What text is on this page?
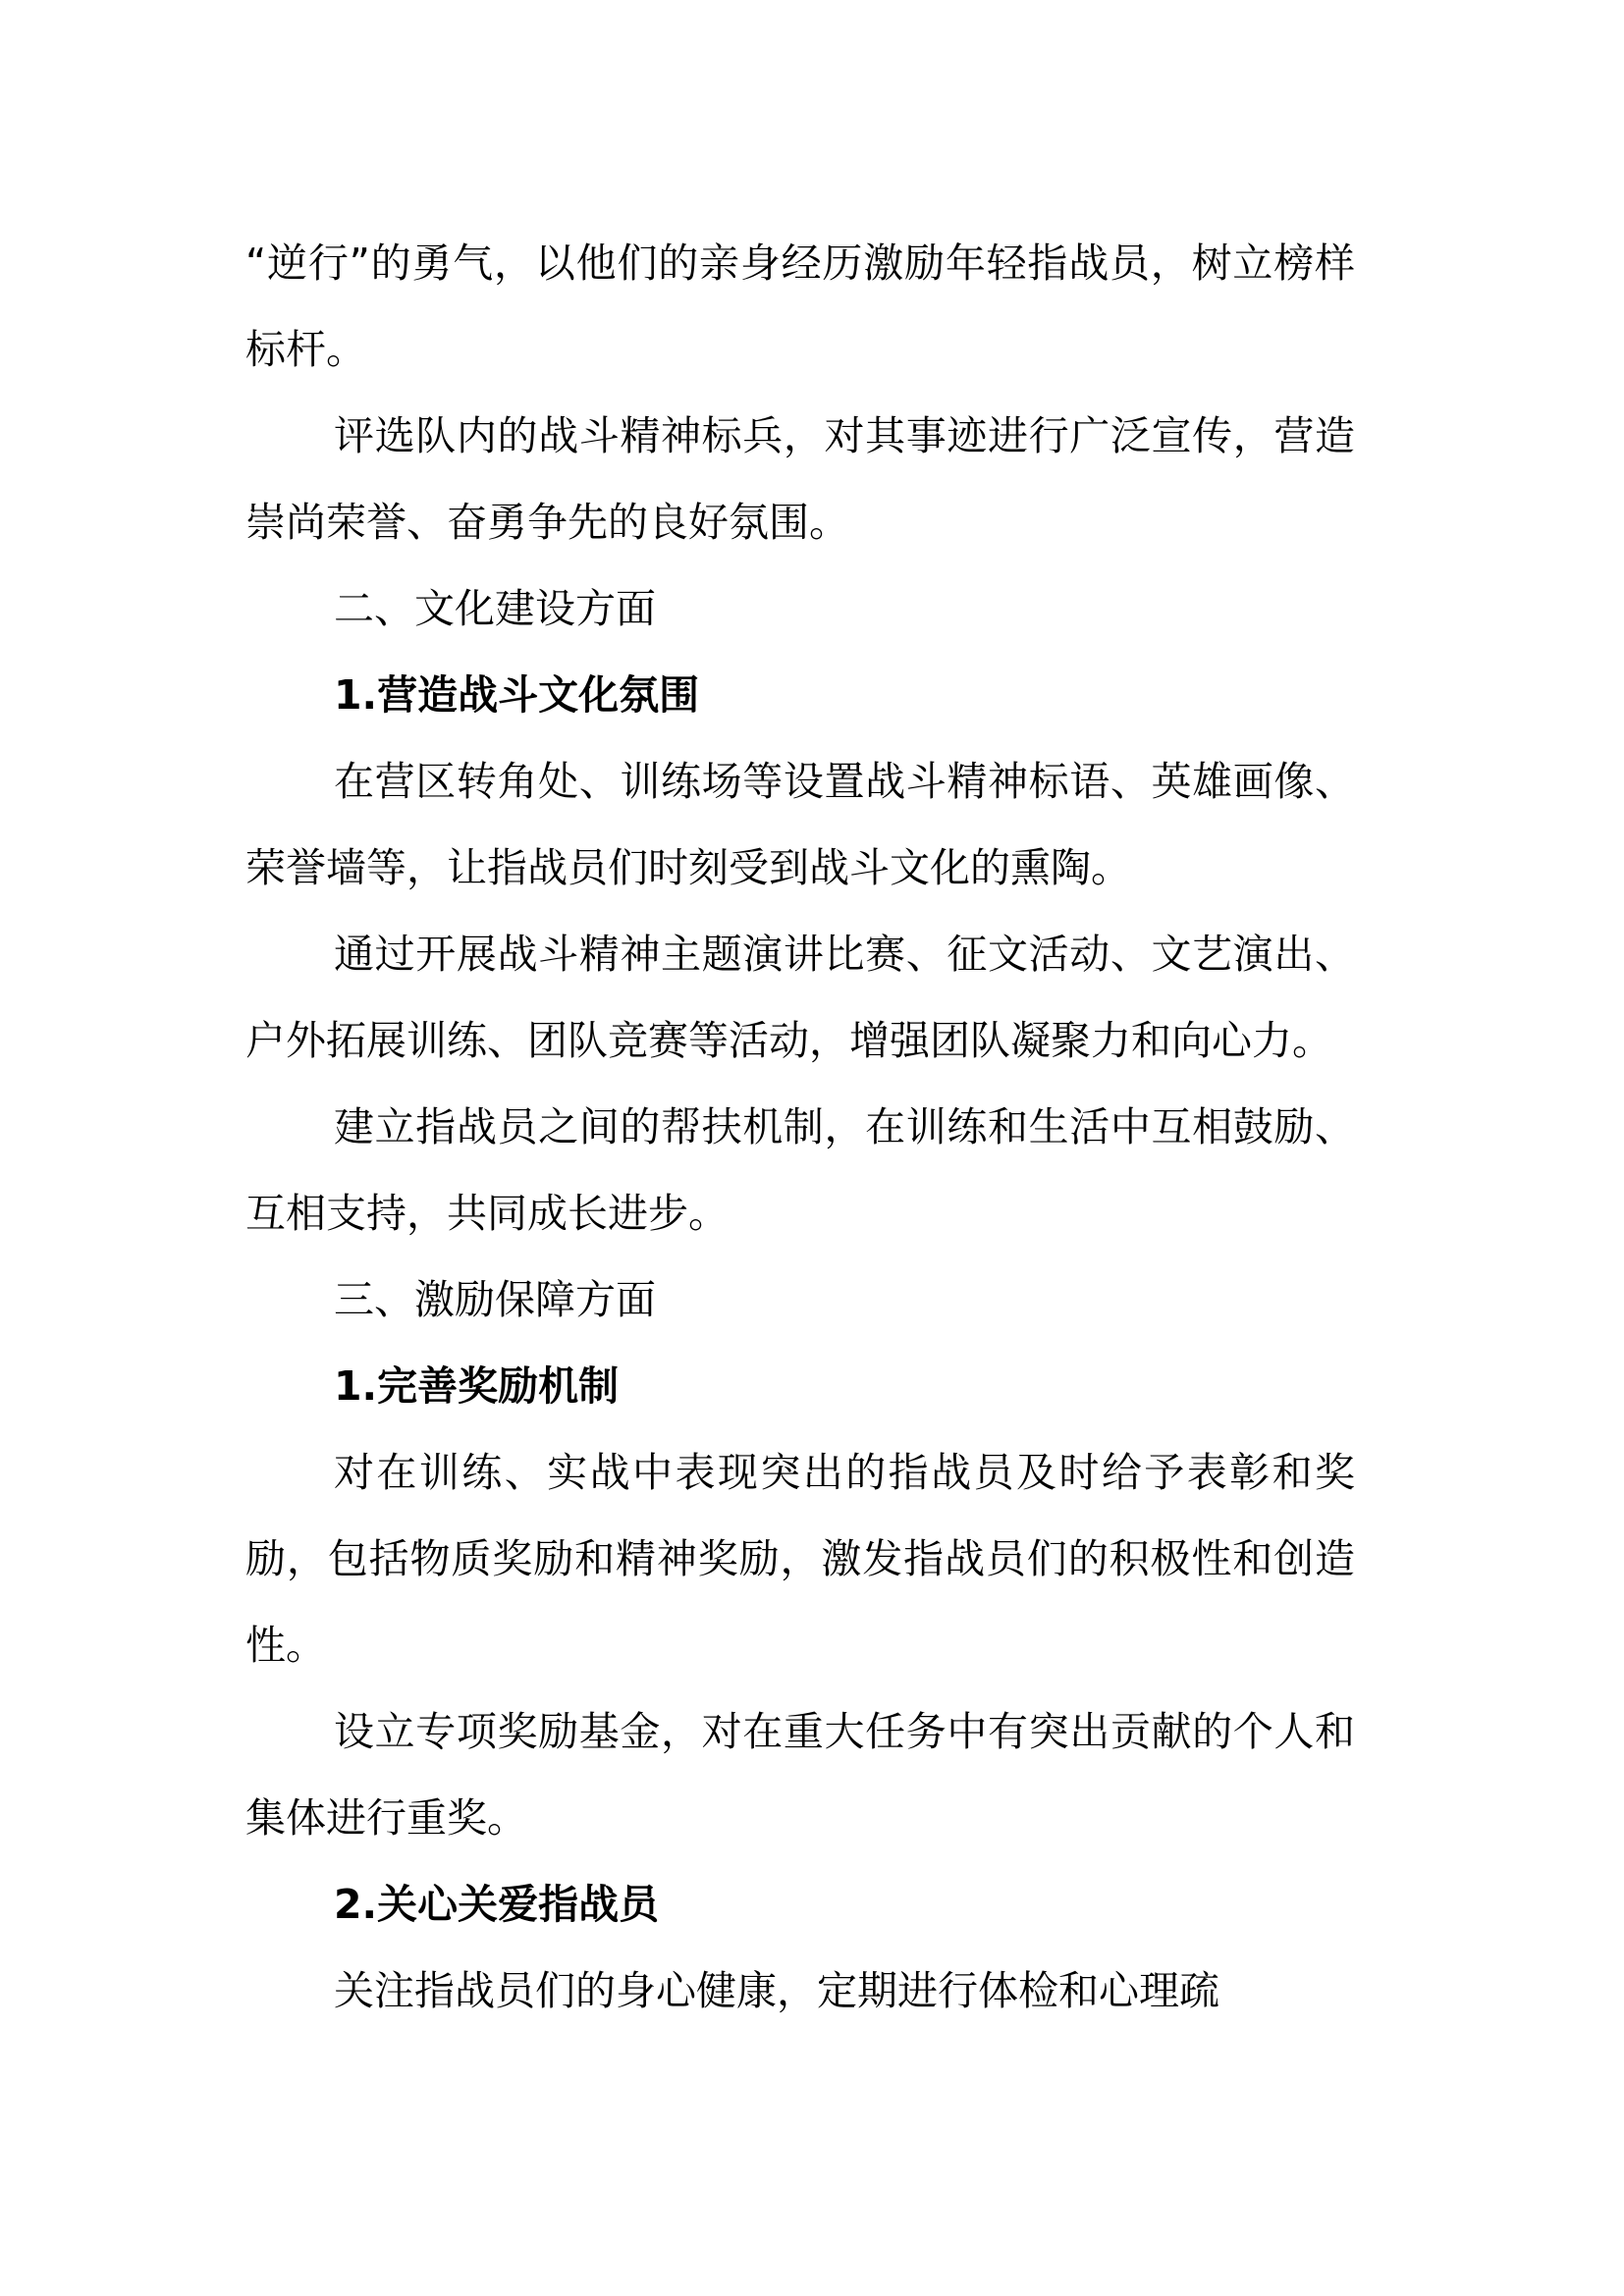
“逆行”的勇气，以他们的亲身经历激励年轻指战员，树立榜样标杆。

评选队内的战斗精神标兵，对其事迹进行广泛宣传，营造崇尚荣誉、奋勇争先的良好氛围。

二、文化建设方面

1.营造战斗文化氛围

在营区转角处、训练场等设置战斗精神标语、英雄画像、荣誉墙等，让指战员们时刻受到战斗文化的熏陶。

通过开展战斗精神主题演讲比赛、征文活动、文艺演出、户外拓展训练、团队竞赛等活动，增强团队凝聚力和向心力。

建立指战员之间的帮扶机制，在训练和生活中互相鼓励、互相支持，共同成长进步。

三、激励保障方面

1.完善奖励机制

对在训练、实战中表现突出的指战员及时给予表彰和奖励，包括物质奖励和精神奖励，激发指战员们的积极性和创造性。

设立专项奖励基金，对在重大任务中有突出贡献的个人和集体进行重奖。

2.关心关爱指战员

关注指战员们的身心健康，定期进行体检和心理疏
